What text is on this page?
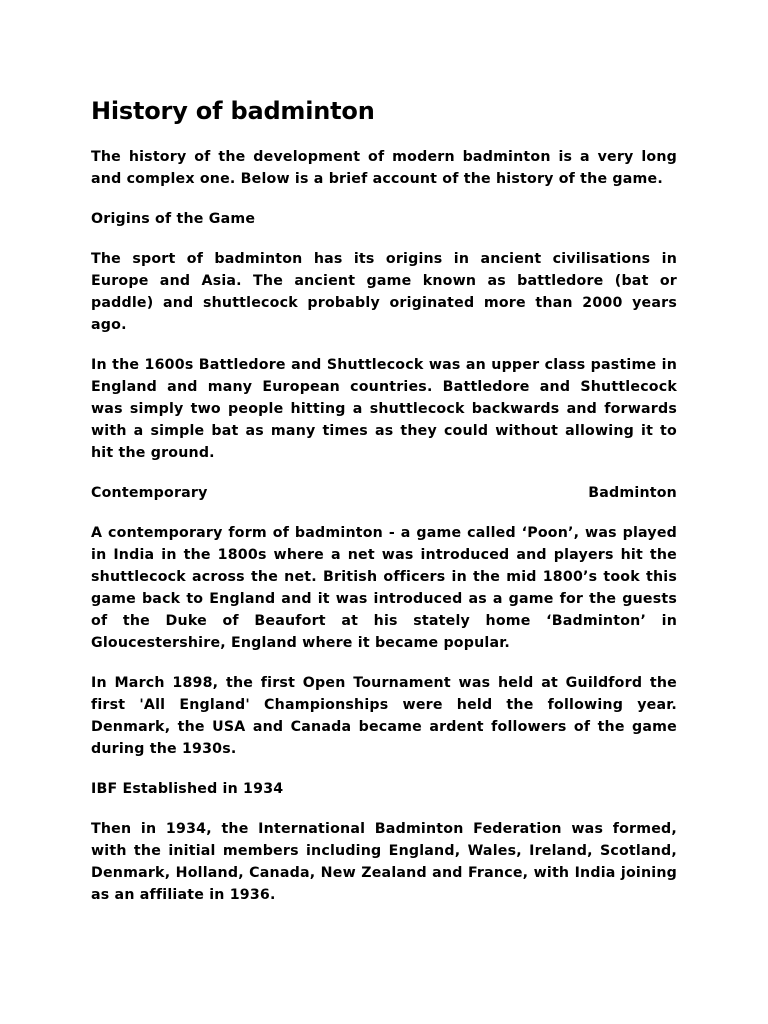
History of badminton

The history of the development of modern badminton is a very long and complex one. Below is a brief account of the history of the game.

Origins of the Game

The sport of badminton has its origins in ancient civilisations in Europe and Asia. The ancient game known as battledore (bat or paddle) and shuttlecock probably originated more than 2000 years ago.

In the 1600s Battledore and Shuttlecock was an upper class pastime in England and many European countries. Battledore and Shuttlecock was simply two people hitting a shuttlecock backwards and forwards with a simple bat as many times as they could without allowing it to hit the ground.

Contemporary	Badminton

A contemporary form of badminton - a game called ‘Poon’, was played in India in the 1800s where a net was introduced and players hit the shuttlecock across the net. British officers in the mid 1800’s took this game back to England and it was introduced as a game for the guests of the Duke of Beaufort at his stately home ‘Badminton’ in Gloucestershire, England where it became popular.

In March 1898, the first Open Tournament was held at Guildford the first 'All England' Championships were held the following year. Denmark, the USA and Canada became ardent followers of the game during the 1930s.

IBF Established in 1934

Then in 1934, the International Badminton Federation was formed, with the initial members including England, Wales, Ireland, Scotland, Denmark, Holland, Canada, New Zealand and France, with India joining as an affiliate in 1936.
